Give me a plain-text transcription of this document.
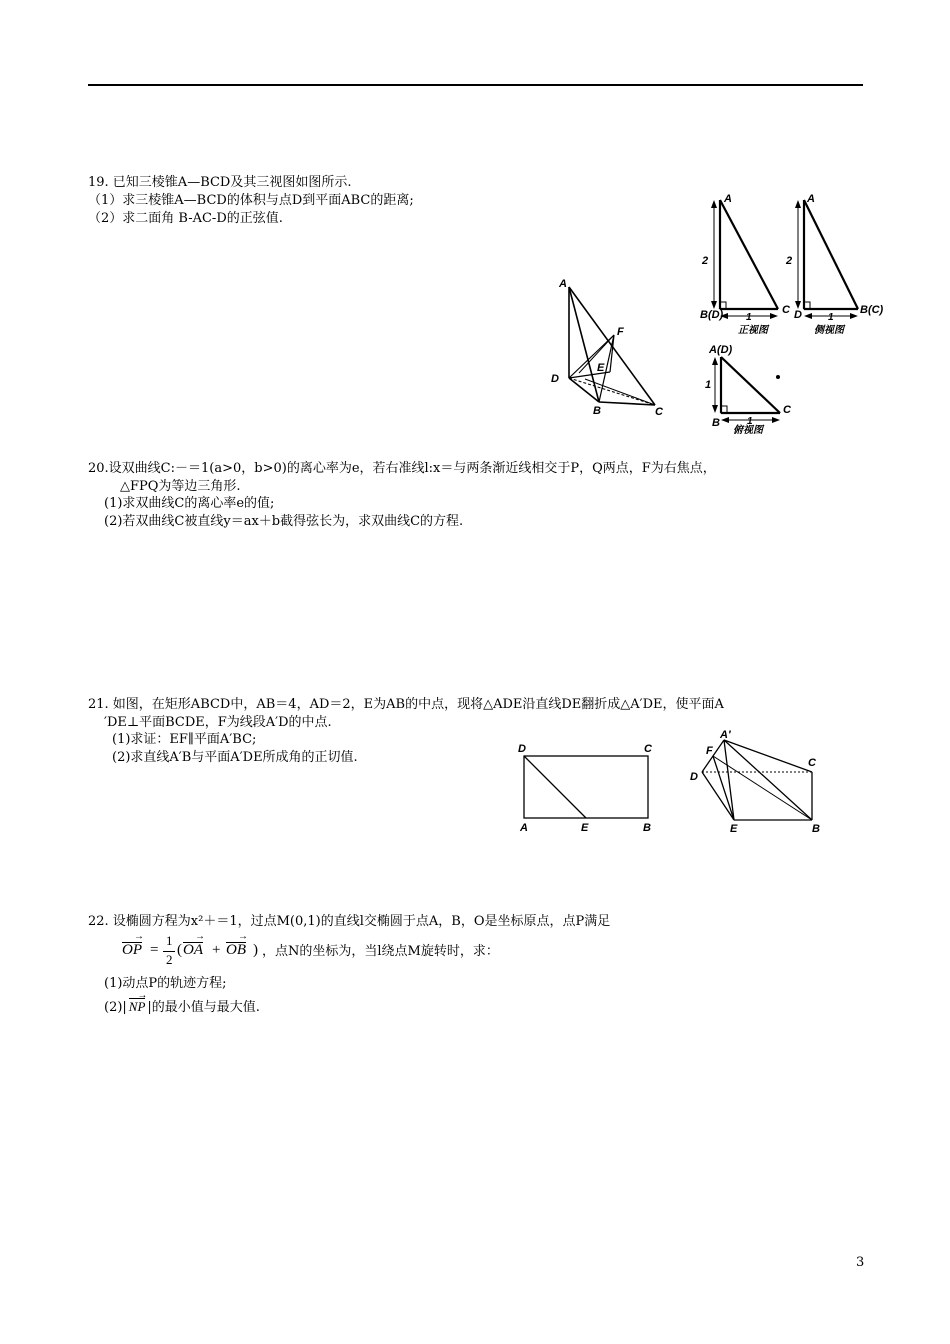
19. 已知三棱锥A—BCD及其三视图如图所示.
（1）求三棱锥A—BCD的体积与点D到平面ABC的距离;
（2）求二面角 B-AC-D的正弦值.
A
2
B(D)	C
1
正视图
A
2
D	B(C)
1
侧视图
A(D)
1
B
C
1
俯视图
A
F
E
D
B	C
20.设双曲线C:－＝1(a>0，b>0)的离心率为e，若右准线l:x＝与两条渐近线相交于P，Q两点，F为右焦点，
△FPQ为等边三角形.
(1)求双曲线C的离心率e的值;
(2)若双曲线C被直线y＝ax＋b截得弦长为，求双曲线C的方程.
21. 如图，在矩形ABCD中，AB＝4，AD＝2，E为AB的中点，现将△ADE沿直线DE翻折成△A′DE，使平面A
′DE⊥平面BCDE，F为线段A′D的中点.
(1)求证：EF∥平面A′BC;
(2)求直线A′B与平面A′DE所成角的正切值.
D	C
A	E	B
A′
F
C
D
E	B
22. 设椭圆方程为x²＋＝1，过点M(0,1)的直线l交椭圆于点A，B，O是坐标原点，点P满足
OP → =
1
2
( OA → + OB → ) ，点N的坐标为，当l绕点M旋转时，求：
(1)动点P的轨迹方程;
(2)| NP → |的最小值与最大值.
3
